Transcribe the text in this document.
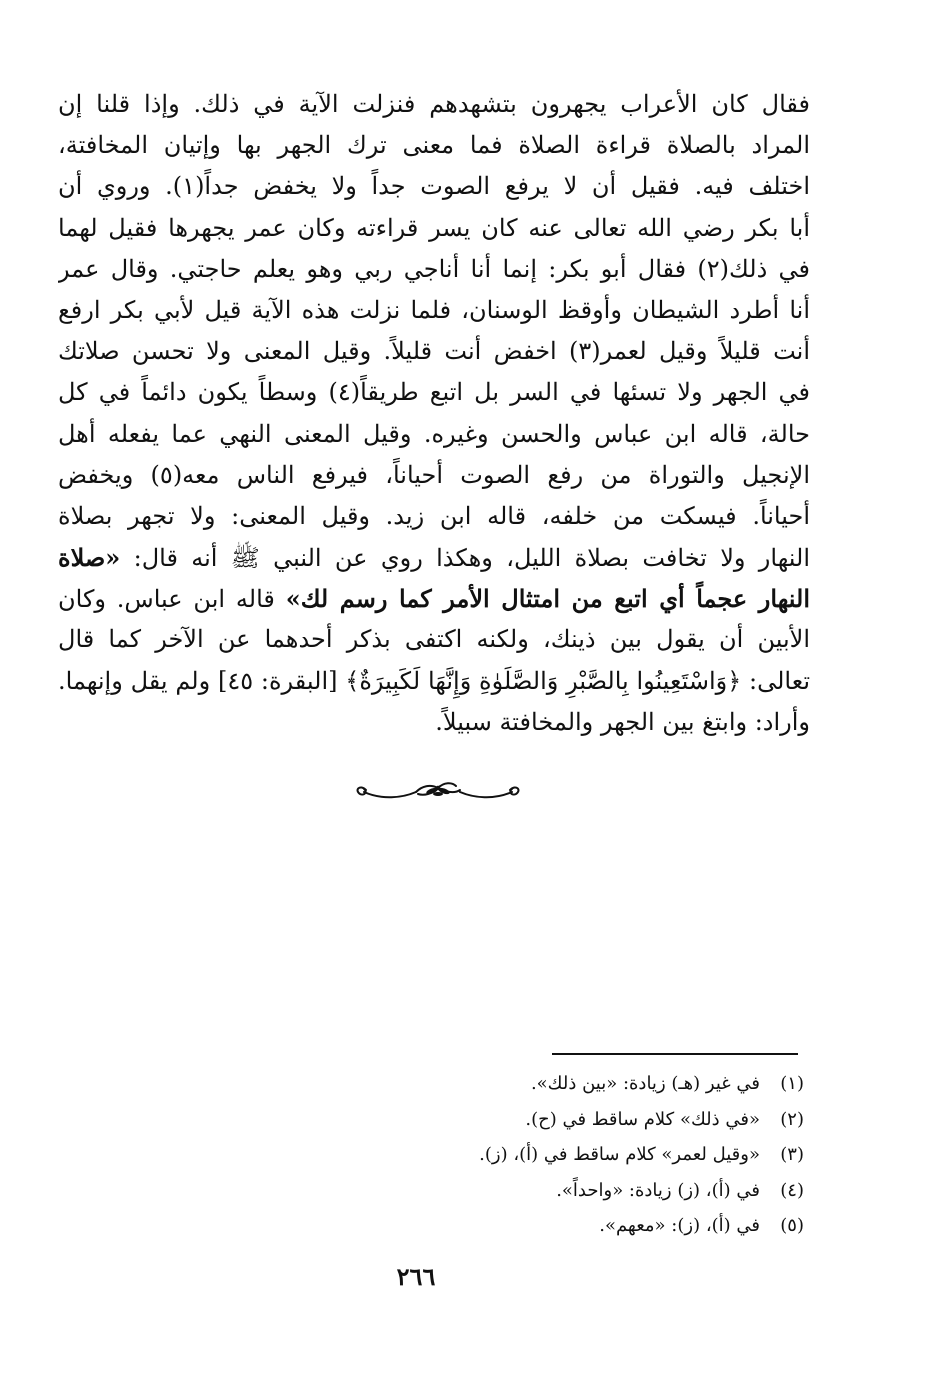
فقال كان الأعراب يجهرون بتشهدهم فنزلت الآية في ذلك. وإذا قلنا إن
المراد بالصلاة قراءة الصلاة فما معنى ترك الجهر بها وإتيان المخافتة،
اختلف فيه. فقيل أن لا يرفع الصوت جداً ولا يخفض جداً(١). وروي أن
أبا بكر رضي الله تعالى عنه كان يسر قراءته وكان عمر يجهرها فقيل لهما
في ذلك(٢) فقال أبو بكر: إنما أنا أناجي ربي وهو يعلم حاجتي. وقال عمر
أنا أطرد الشيطان وأوقظ الوسنان، فلما نزلت هذه الآية قيل لأبي بكر ارفع
أنت قليلاً وقيل لعمر(٣) اخفض أنت قليلاً. وقيل المعنى ولا تحسن صلاتك
في الجهر ولا تسئها في السر بل اتبع طريقاً(٤) وسطاً يكون دائماً في كل
حالة، قاله ابن عباس والحسن وغيره. وقيل المعنى النهي عما يفعله أهل
الإنجيل والتوراة من رفع الصوت أحياناً، فيرفع الناس معه(٥) ويخفض
أحياناً. فيسكت من خلفه، قاله ابن زيد. وقيل المعنى: ولا تجهر بصلاة
النهار ولا تخافت بصلاة الليل، وهكذا روي عن النبي ﷺ أنه قال: «صلاة
النهار عجماً أي اتبع من امتثال الأمر كما رسم لك» قاله ابن عباس. وكان
الأبين أن يقول بين ذينك، ولكنه اكتفى بذكر أحدهما عن الآخر كما قال
تعالى: ﴿وَاسْتَعِينُوا بِالصَّبْرِ وَالصَّلَوٰةِ وَإِنَّهَا لَكَبِيرَةٌ﴾ [البقرة: ٤٥] ولم يقل وإنهما.
وأراد: وابتغ بين الجهر والمخافتة سبيلاً.
(١)في غير (هـ) زيادة: «بين ذلك».
(٢)«في ذلك» كلام ساقط في (ح).
(٣)«وقيل لعمر» كلام ساقط في (أ)، (ز).
(٤)في (أ)، (ز) زيادة: «واحداً».
(٥)في (أ)، (ز): «معهم».
٢٦٦
